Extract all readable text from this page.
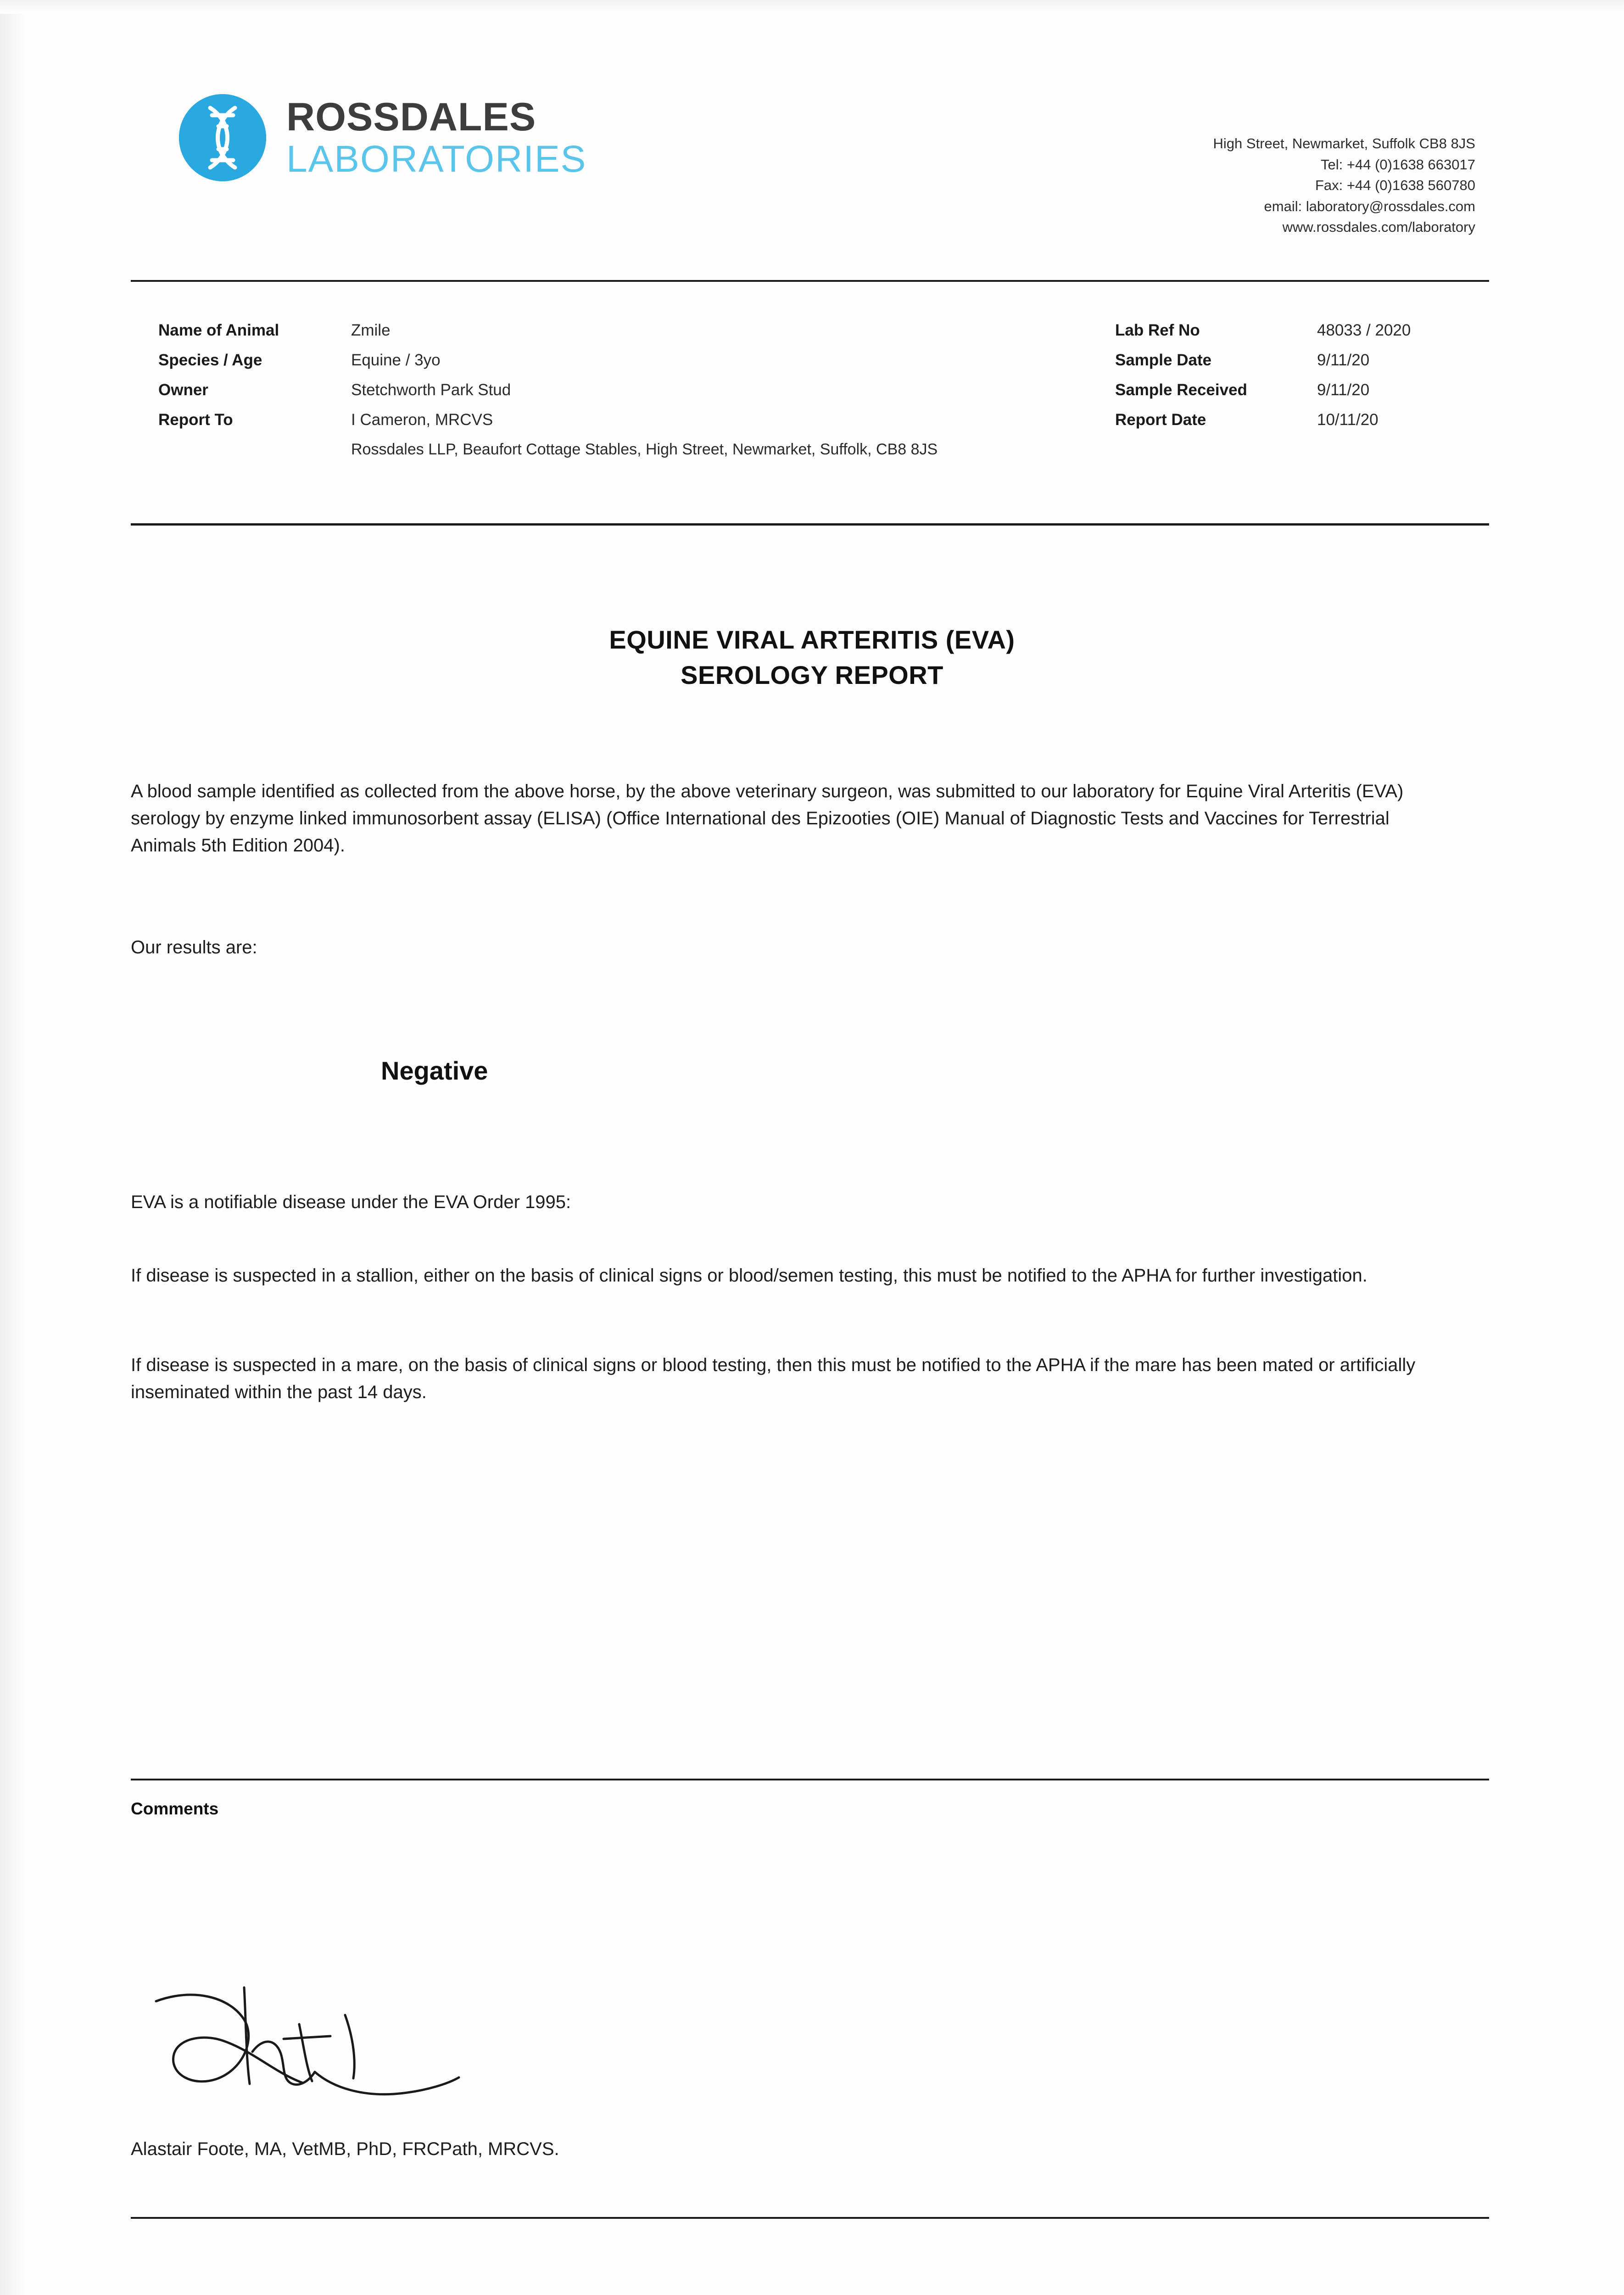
ROSSDALES
LABORATORIES	High Street, Newmarket, Suffolk CB8 8JS
Tel: +44 (0)1638 663017
Fax: +44 (0)1638 560780
email: laboratory@rossdales.com
www.rossdales.com/laboratory
Name of Animal	Zmile
Species / Age	Equine / 3yo
Owner	Stetchworth Park Stud
Report To	I Cameron, MRCVS
Rossdales LLP, Beaufort Cottage Stables, High Street, Newmarket, Suffolk, CB8 8JS
Lab Ref No	48033 / 2020
Sample Date	9/11/20
Sample Received	9/11/20
Report Date	10/11/20
EQUINE VIRAL ARTERITIS (EVA)
SEROLOGY REPORT
A blood sample identified as collected from the above horse, by the above veterinary surgeon, was submitted to our laboratory for Equine Viral Arteritis (EVA) serology by enzyme linked immunosorbent assay (ELISA) (Office International des Epizooties (OIE) Manual of Diagnostic Tests and Vaccines for Terrestrial Animals 5th Edition 2004).
Our results are:
Negative
EVA is a notifiable disease under the EVA Order 1995:
If disease is suspected in a stallion, either on the basis of clinical signs or blood/semen testing, this must be notified to the APHA for further investigation.
If disease is suspected in a mare, on the basis of clinical signs or blood testing, then this must be notified to the APHA if the mare has been mated or artificially inseminated within the past 14 days.
Comments
Alastair Foote, MA, VetMB, PhD, FRCPath, MRCVS.
